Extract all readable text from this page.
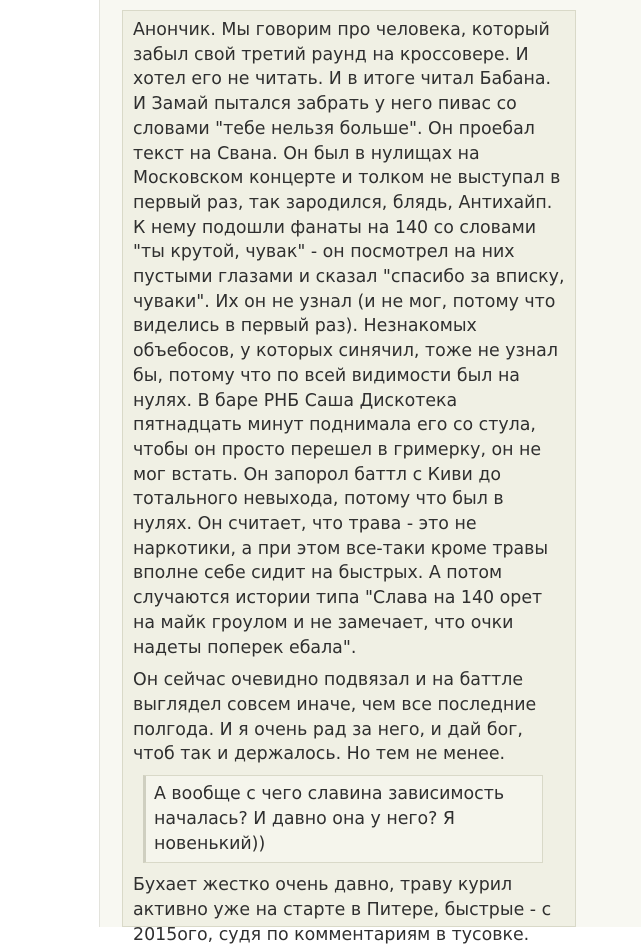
Анончик. Мы говорим про человека, который забыл свой третий раунд на кроссовере. И хотел его не читать. И в итоге читал Бабана. И Замай пытался забрать у него пивас со словами "тебе нельзя больше". Он проебал текст на Свана. Он был в нулищах на Московском концерте и толком не выступал в первый раз, так зародился, блядь, Антихайп. К нему подошли фанаты на 140 со словами "ты крутой, чувак" - он посмотрел на них пустыми глазами и сказал "спасибо за вписку, чуваки". Их он не узнал (и не мог, потому что виделись в первый раз). Незнакомых объебосов, у которых синячил, тоже не узнал бы, потому что по всей видимости был на нулях. В баре РНБ Саша Дискотека пятнадцать минут поднимала его со стула, чтобы он просто перешел в гримерку, он не мог встать. Он запорол баттл с Киви до тотального невыхода, потому что был в нулях. Он считает, что трава - это не наркотики, а при этом все-таки кроме травы вполне себе сидит на быстрых. А потом случаются истории типа "Слава на 140 орет на майк гроулом и не замечает, что очки надеты поперек ебала".

Он сейчас очевидно подвязал и на баттле выглядел совсем иначе, чем все последние полгода. И я очень рад за него, и дай бог, чтоб так и держалось. Но тем не менее.

А вообще с чего славина зависимость началась? И давно она у него? Я новенький))

Бухает жестко очень давно, траву курил активно уже на старте в Питере, быстрые - с 2015ого, судя по комментариям в тусовке.
